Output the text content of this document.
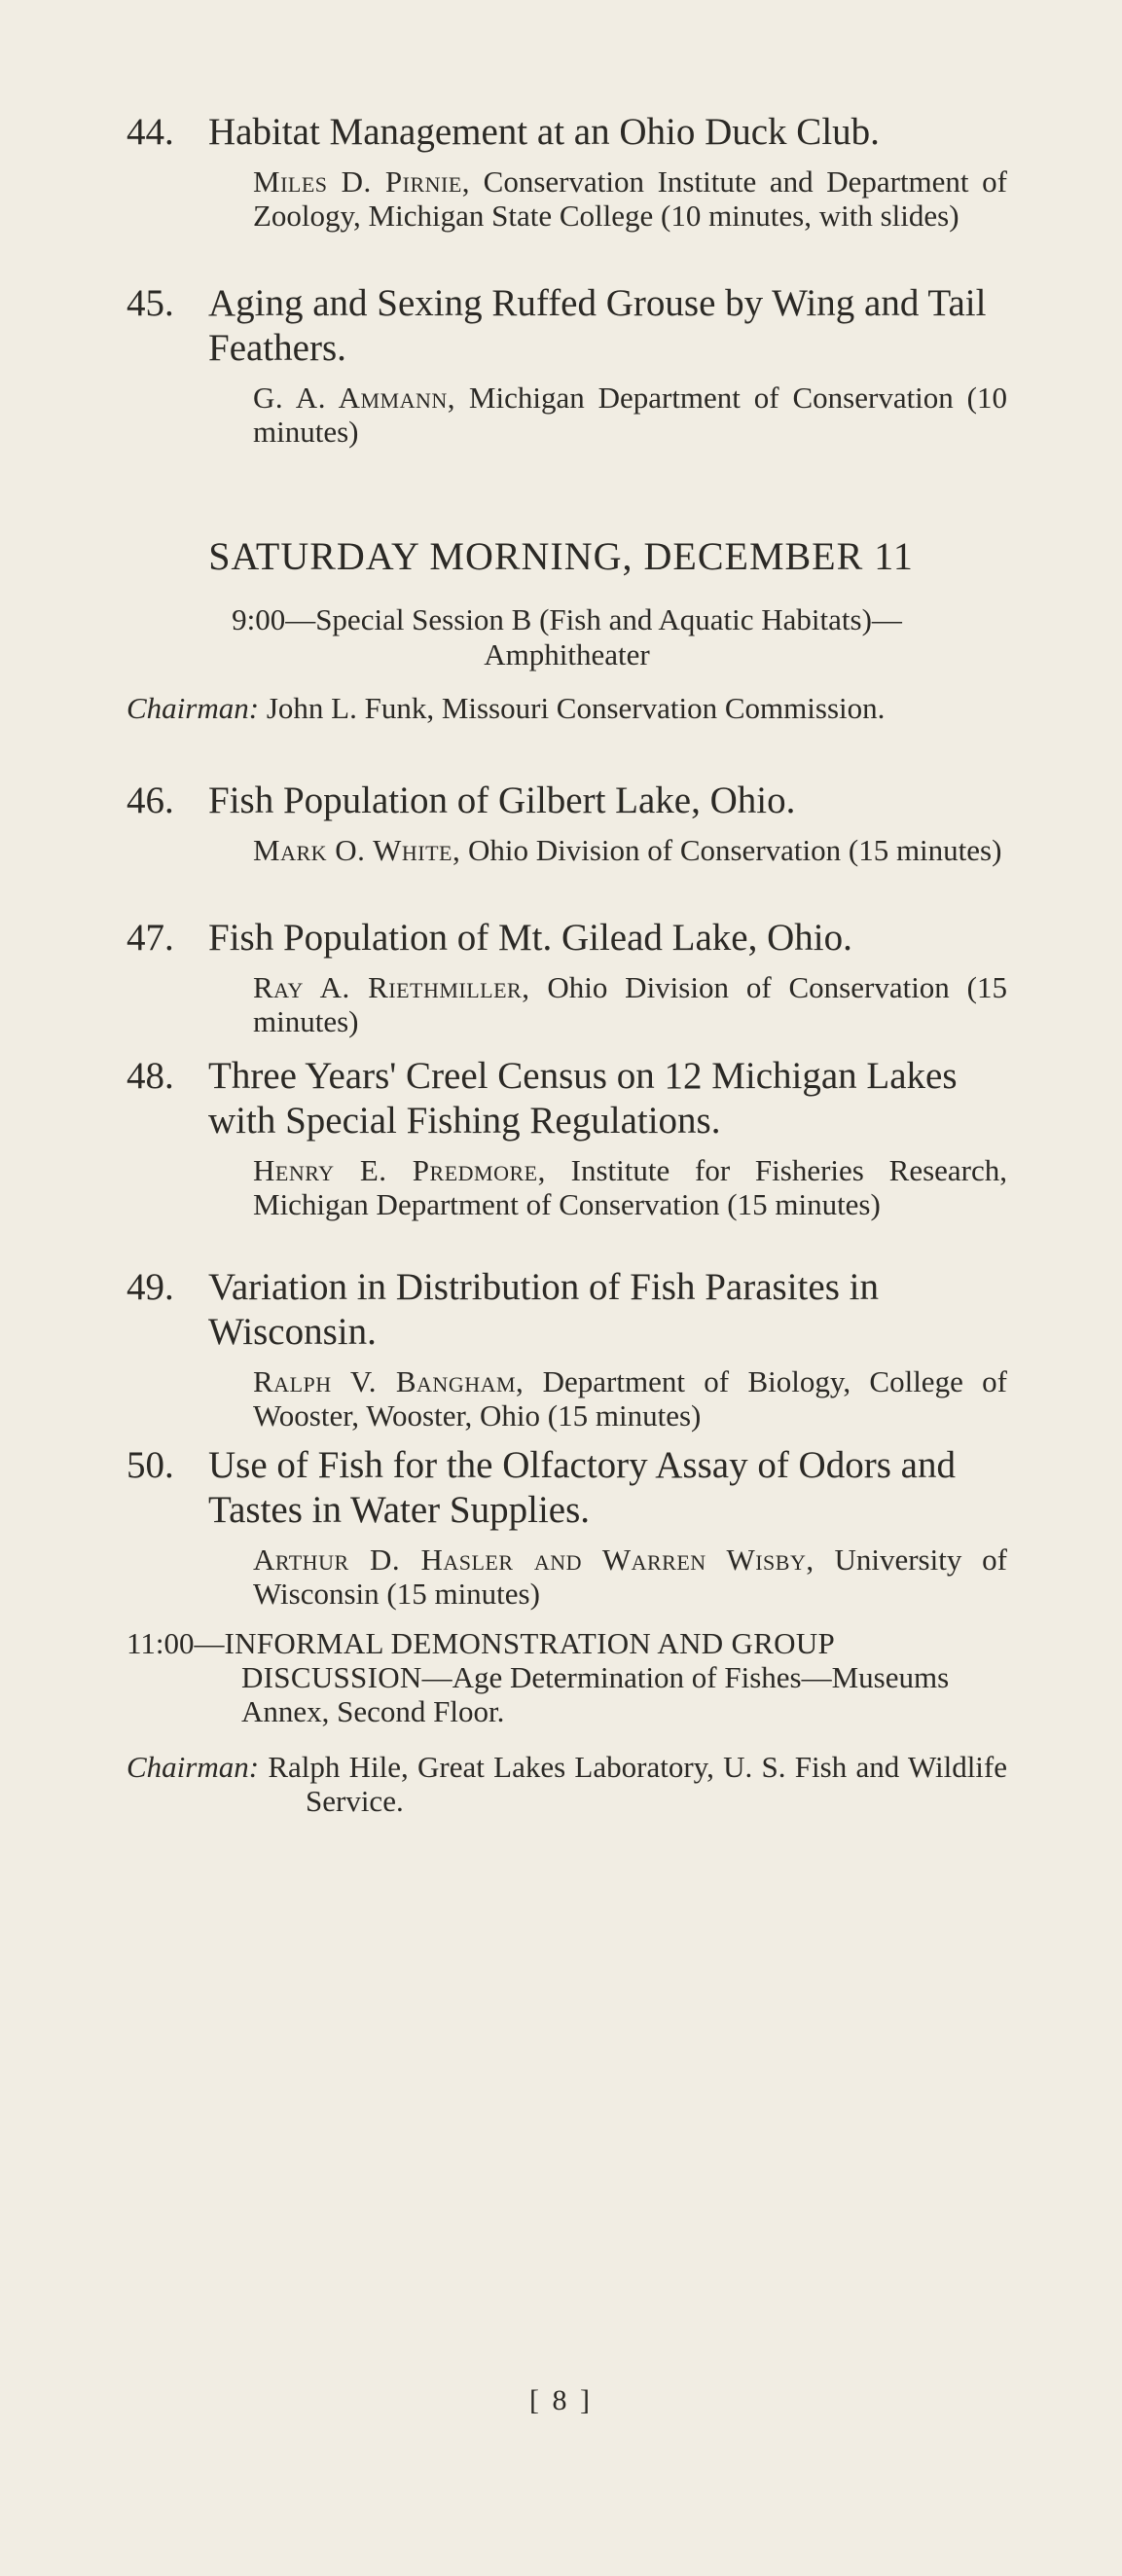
44. Habitat Management at an Ohio Duck Club.
Miles D. Pirnie, Conservation Institute and Department of Zoology, Michigan State College (10 minutes, with slides)
45. Aging and Sexing Ruffed Grouse by Wing and Tail Feathers.
G. A. Ammann, Michigan Department of Conservation (10 minutes)
SATURDAY MORNING, DECEMBER 11
9:00—Special Session B (Fish and Aquatic Habitats)—
Amphitheater
Chairman: John L. Funk, Missouri Conservation Commission.
46. Fish Population of Gilbert Lake, Ohio.
Mark O. White, Ohio Division of Conservation (15 minutes)
47. Fish Population of Mt. Gilead Lake, Ohio.
Ray A. Riethmiller, Ohio Division of Conservation (15 minutes)
48. Three Years' Creel Census on 12 Michigan Lakes with Special Fishing Regulations.
Henry E. Predmore, Institute for Fisheries Research, Michigan Department of Conservation (15 minutes)
49. Variation in Distribution of Fish Parasites in Wisconsin.
Ralph V. Bangham, Department of Biology, College of Wooster, Wooster, Ohio (15 minutes)
50. Use of Fish for the Olfactory Assay of Odors and Tastes in Water Supplies.
Arthur D. Hasler and Warren Wisby, University of Wisconsin (15 minutes)
11:00—INFORMAL DEMONSTRATION AND GROUP DISCUSSION—Age Determination of Fishes—Museums Annex, Second Floor.
Chairman: Ralph Hile, Great Lakes Laboratory, U. S. Fish and Wildlife Service.
[ 8 ]
